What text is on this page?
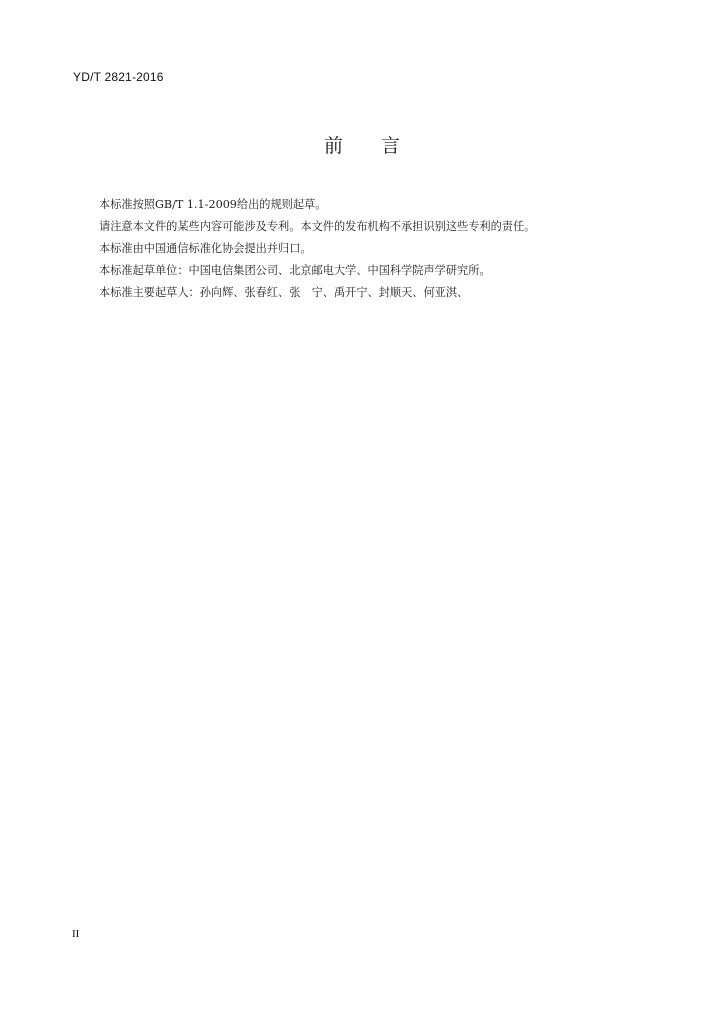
YD/T 2821-2016
前言

本标准按照GB/T 1.1-2009给出的规则起草。

请注意本文件的某些内容可能涉及专利。本文件的发布机构不承担识别这些专利的责任。

本标准由中国通信标准化协会提出并归口。

本标准起草单位：中国电信集团公司、北京邮电大学、中国科学院声学研究所。

本标准主要起草人：孙向辉、张春红、张　宁、禹开宁、封顺天、何亚淇、

II
